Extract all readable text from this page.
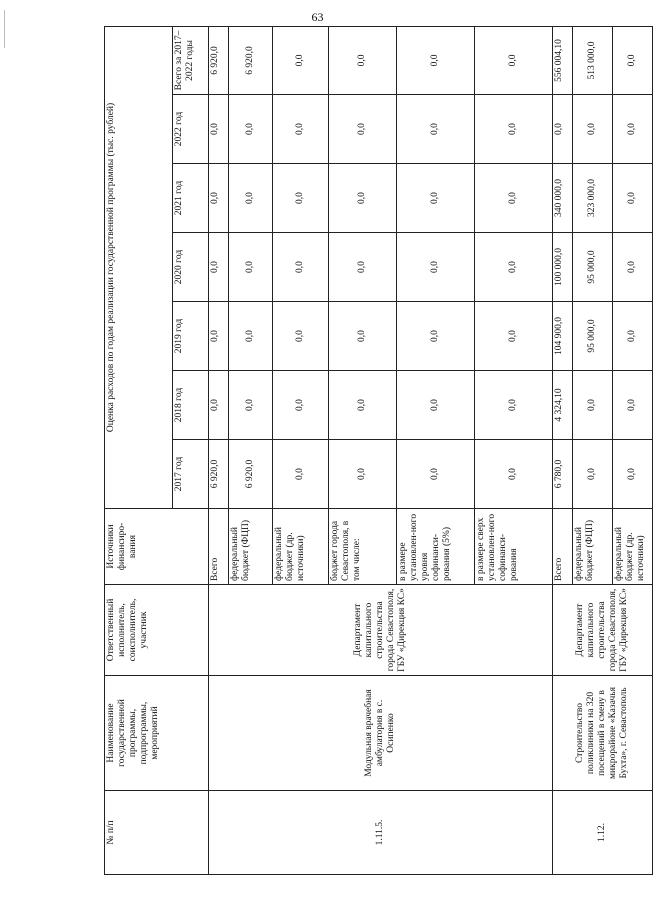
63
№ п/п	Наименование государственной программы, подпрограммы, мероприятий	Ответственный исполнитель, соисполнитель, участник	Источники финансиро-вания	Оценка расходов по годам реализации государственной программы (тыс. рублей)						
				2017 год	2018 год	2019 год	2020 год	2021 год	2022 год	Всего за 2017–2022 годы
1.11.5.	Модульная врачебная амбулатория в с. Осипенко	Департамент капитального строительства города Севастополя, ГБУ «Дирекция КС»	Всего	6 920,0	0,0	0,0	0,0	0,0	0,0	6 920,0
			федеральный бюджет (ФЦП)	6 920,0	0,0	0,0	0,0	0,0	0,0	6 920,0
			федеральный бюджет (др. источники)	0,0	0,0	0,0	0,0	0,0	0,0	0,0
			бюджет города Севастополя, в том числе:	0,0	0,0	0,0	0,0	0,0	0,0	0,0
			в размере установлен-ного уровня софинанси-рования (5%)	0,0	0,0	0,0	0,0	0,0	0,0	0,0
			в размере сверх установлен-ного софинанси-рования	0,0	0,0	0,0	0,0	0,0	0,0	0,0
1.12.	Строительство поликлиники на 320 посещений в смену в микрорайоне «Казачья Бухта», г. Севастополь	Департамент капитального строительства города Севастополя, ГБУ «Дирекция КС»	Всего	6 780,0	4 324,10	104 900,0	100 000,0	340 000,0	0,0	556 004,10
			федеральный бюджет (ФЦП)	0,0	0,0	95 000,0	95 000,0	323 000,0	0,0	513 000,0
			федеральный бюджет (др. источники)	0,0	0,0	0,0	0,0	0,0	0,0	0,0
